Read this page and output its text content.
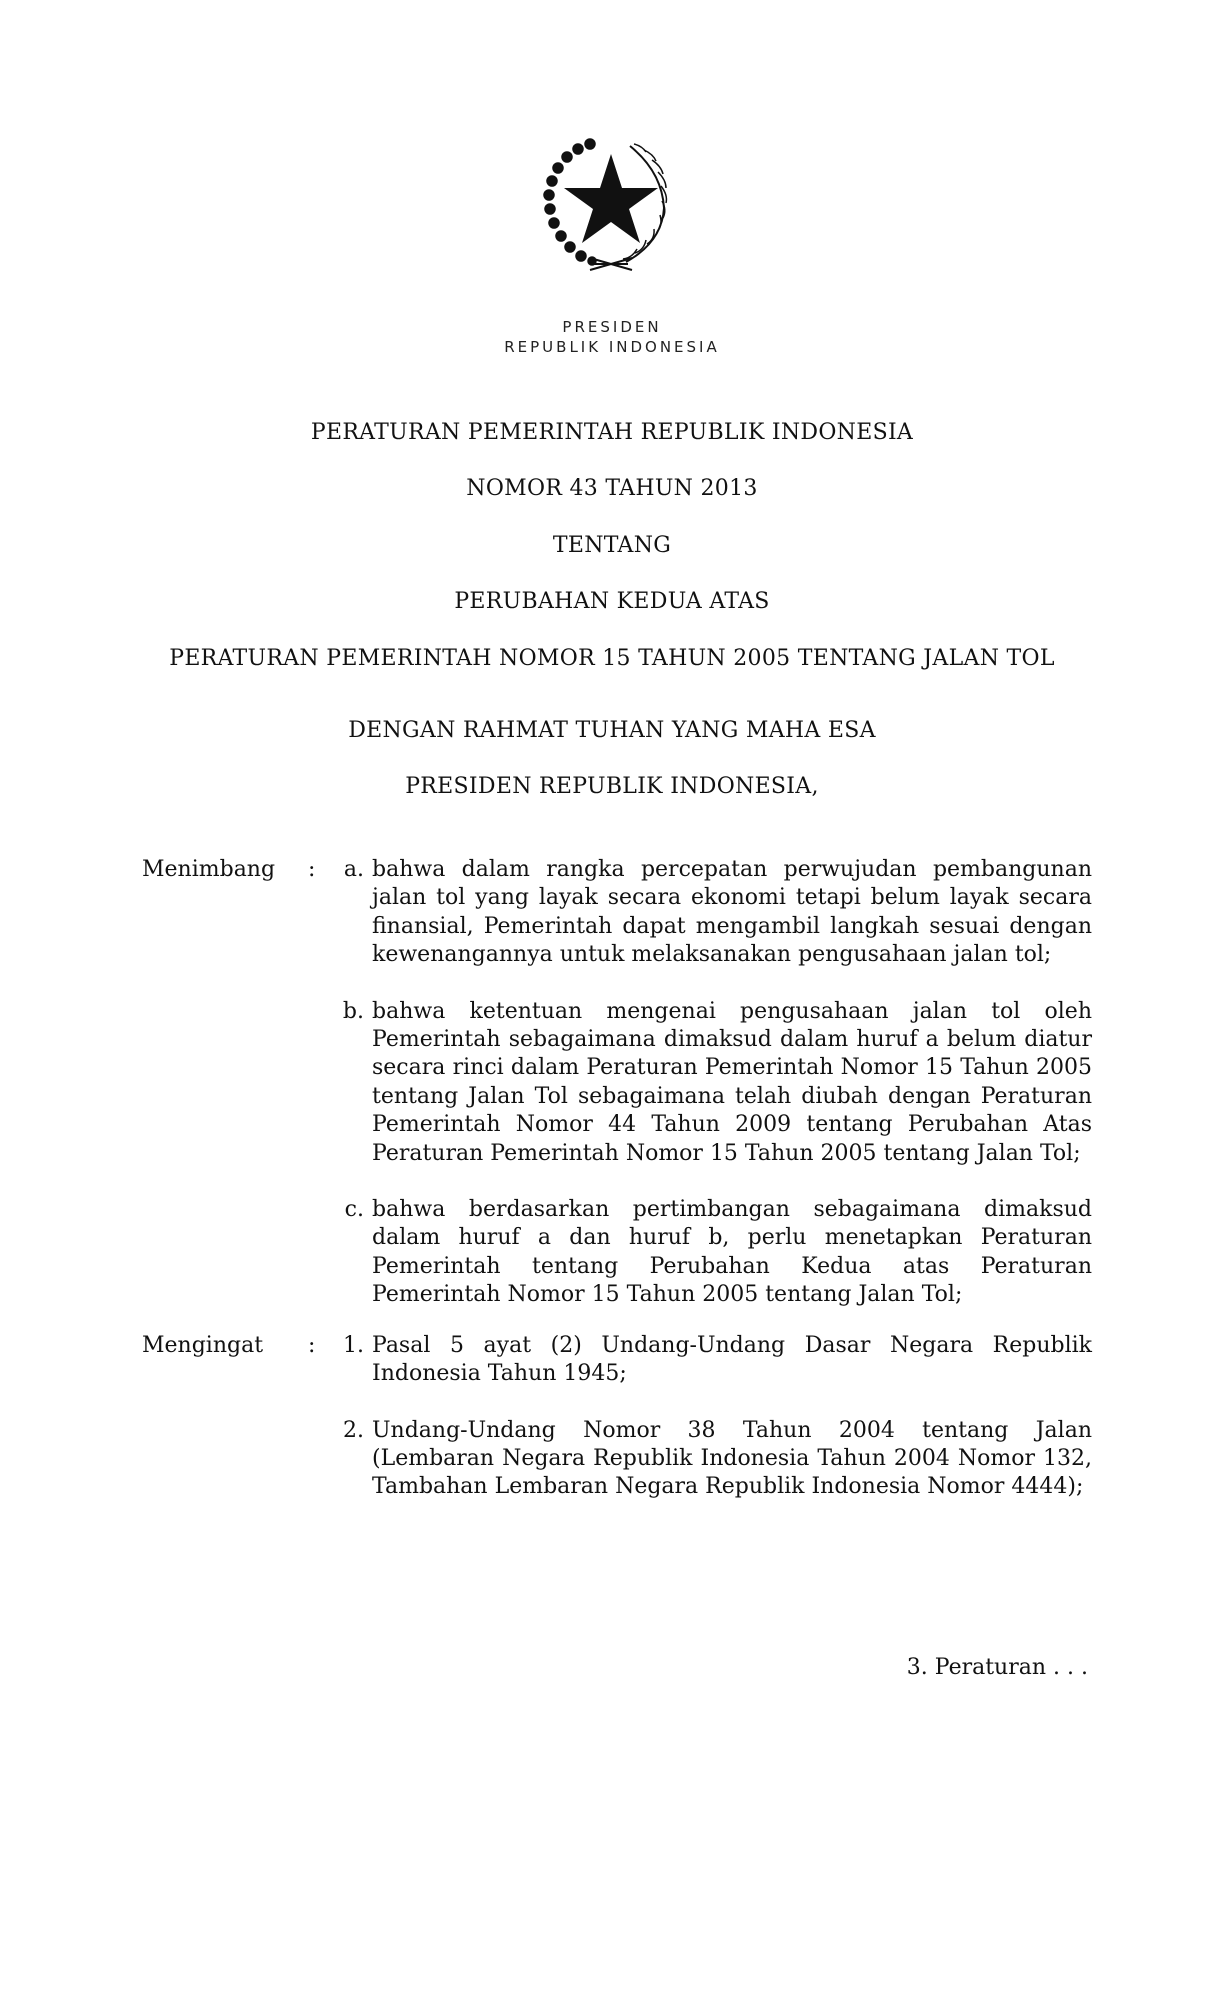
PRESIDEN
REPUBLIK INDONESIA
PERATURAN PEMERINTAH REPUBLIK INDONESIA
NOMOR 43 TAHUN 2013
TENTANG
PERUBAHAN KEDUA ATAS
PERATURAN PEMERINTAH NOMOR 15 TAHUN 2005 TENTANG JALAN TOL
DENGAN RAHMAT TUHAN YANG MAHA ESA
PRESIDEN REPUBLIK INDONESIA,
Menimbang	:	a. bahwa dalam rangka percepatan perwujudan pembangunan jalan tol yang layak secara ekonomi tetapi belum layak secara finansial, Pemerintah dapat mengambil langkah sesuai dengan kewenangannya untuk melaksanakan pengusahaan jalan tol;
b. bahwa ketentuan mengenai pengusahaan jalan tol oleh Pemerintah sebagaimana dimaksud dalam huruf a belum diatur secara rinci dalam Peraturan Pemerintah Nomor 15 Tahun 2005 tentang Jalan Tol sebagaimana telah diubah dengan Peraturan Pemerintah Nomor 44 Tahun 2009 tentang Perubahan Atas Peraturan Pemerintah Nomor 15 Tahun 2005 tentang Jalan Tol;
c. bahwa berdasarkan pertimbangan sebagaimana dimaksud dalam huruf a dan huruf b, perlu menetapkan Peraturan Pemerintah tentang Perubahan Kedua atas Peraturan Pemerintah Nomor 15 Tahun 2005 tentang Jalan Tol;
Mengingat	:	1. Pasal 5 ayat (2) Undang-Undang Dasar Negara Republik Indonesia Tahun 1945;
2. Undang-Undang Nomor 38 Tahun 2004 tentang Jalan (Lembaran Negara Republik Indonesia Tahun 2004 Nomor 132, Tambahan Lembaran Negara Republik Indonesia Nomor 4444);
3. Peraturan . . .
